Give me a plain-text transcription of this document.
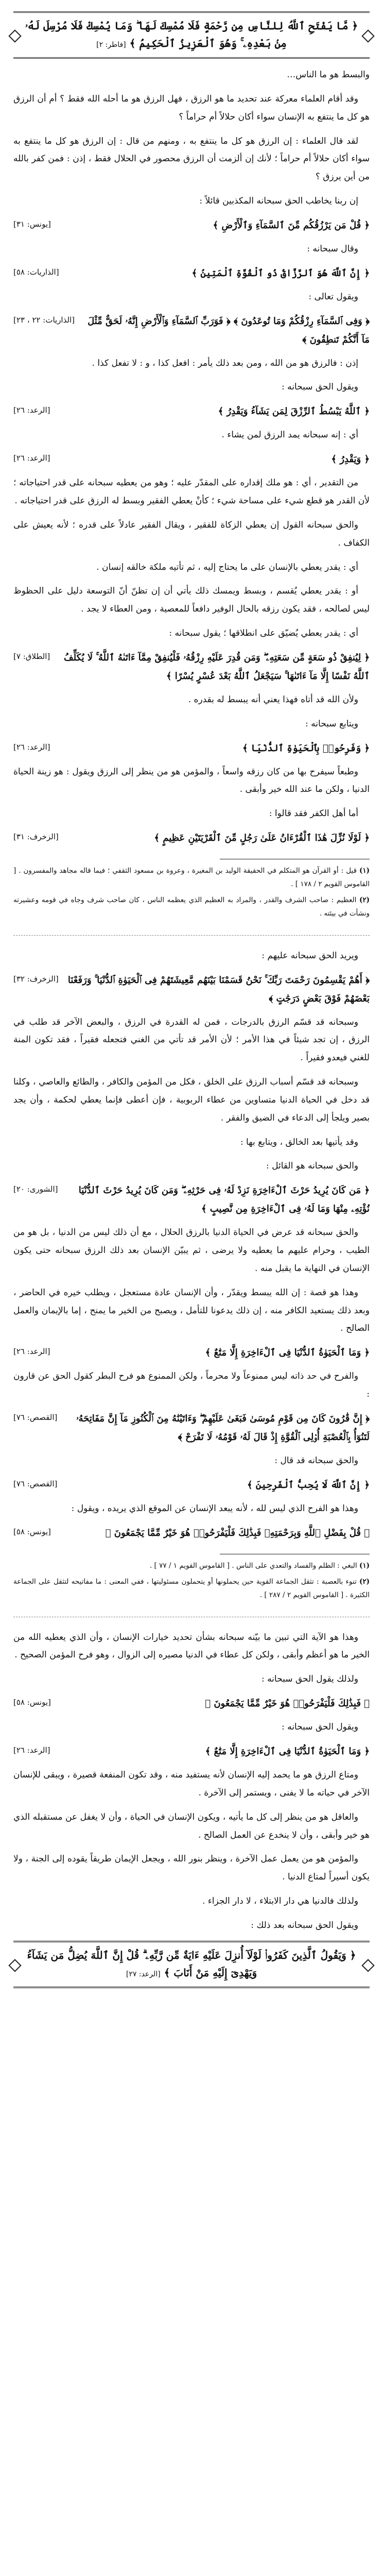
﴿ مَّا يَفْتَحِ ٱللَّهُ لِلنَّاسِ مِن رَّحْمَةٍ فَلَا مُمْسِكَ لَهَا ۖ وَمَا يُمْسِكْ فَلَا مُرْسِلَ لَهُۥ مِنۢ بَعْدِهِۦ ۚ وَهُوَ ٱلْعَزِيزُ ٱلْحَكِيمُ ﴾ [فاطر: ٢]

والبسط هو ما الناس…

وقد أقام العلماء معركة عند تحديد ما هو الرزق ، فهل الرزق هو ما أحله الله فقط ؟ أم أن الرزق هو كل ما ينتفع به الإنسان سواء أكان حلالاً أم حراماً ؟

لقد قال العلماء : إن الرزق هو كل ما ينتفع به ، ومنهم من قال : إن الرزق هو كل ما ينتفع به سواء أكان حلالاً أم حراماً ؛ لأنك إن ألزمت أن الرزق محصور في الحلال فقط ، إذن : فمن كفر بالله من أين يرزق ؟

إن ربنا يخاطب الحق سبحانه المكذبين قائلاً :

[يونس: ٣١]	﴿ قُلْ مَن يَرْزُقُكُم مِّنَ ٱلسَّمَآءِ وَٱلْأَرْضِ ﴾

وقال سبحانه :

[الذاريات: ٥٨]	﴿ إِنَّ ٱللَّهَ هُوَ ٱلرَّزَّاقُ ذُو ٱلْقُوَّةِ ٱلْمَتِينُ ﴾

ويقول تعالى :

[الذاريات: ٢٢ ، ٢٣] ﴿ وَفِى ٱلسَّمَآءِ رِزْقُكُمْ وَمَا تُوعَدُونَ ﴾ ﴿ فَوَرَبِّ ٱلسَّمَآءِ وَٱلْأَرْضِ إِنَّهُۥ لَحَقٌّ مِّثْلَ مَآ أَنَّكُمْ تَنطِقُونَ ﴾

إذن : فالرزق هو من الله ، ومن بعد ذلك يأمر : افعل كذا ، و : لا تفعل كذا .

ويقول الحق سبحانه :

[الرعد: ٢٦]	﴿ ٱللَّهُ يَبْسُطُ ٱلرِّزْقَ لِمَن يَشَآءُ وَيَقْدِرُ ﴾

أي : إنه سبحانه يمد الرزق لمن يشاء .

[الرعد: ٢٦]	﴿ وَيَقْدِرُ ﴾

من التقدير ، أي : هو ملك إقداره على المقدّر عليه ؛ وهو من يعطيه سبحانه على قدر احتياجاته ؛ لأن القدر هو قطع شيء على مساحة شيء ؛ كأنْ يعطي الفقير وبسط له الرزق على قدر احتياجاته .

والحق سبحانه القول إن يعطي الزكاة للفقير ، ويقال الفقير عادلاً على قدره ؛ لأنه يعيش على الكفاف .

أي : يقدر يعطي بالإنسان على ما يحتاج إليه ، ثم تأتيه ملكة خالقه إنسان .

أو : يقدر يعطي يُقسم ، وبسط ويمسك ذلك يأتي أن إن تظنّ أنّ التوسعة دليل على الحظوظ ليس لصالحه ، فقد يكون رزقه بالحال الوفير دافعاً للمعصية ، ومن العطاء لا يجد .

أي : يقدر يعطي يُضيّق على انطلاقها ؛ يقول سبحانه :

[الطلاق: ٧] ﴿ لِيُنفِقْ ذُو سَعَةٍ مِّن سَعَتِهِۦ ۖ وَمَن قُدِرَ عَلَيْهِ رِزْقُهُۥ فَلْيُنفِقْ مِمَّآ ءَاتَىٰهُ ٱللَّهُ ۚ لَا يُكَلِّفُ ٱللَّهُ نَفْسًا إِلَّا مَآ ءَاتَىٰهَا ۚ سَيَجْعَلُ ٱللَّهُ بَعْدَ عُسْرٍ يُسْرًا ﴾

ولأن الله قد أتاه فهذا يعني أنه يبسط له بقدره .

ويتابع سبحانه :

[الرعد: ٢٦]	﴿ وَفَرِحُوا۟ بِٱلْحَيَوٰةِ ٱلدُّنْيَا ﴾

وطبعاً سيفرح بها من كان رزقه واسعاً ، والمؤمن هو من ينظر إلى الرزق ويقول : هو زينة الحياة الدنيا ، ولكن ما عند الله خير وأبقى .

أما أهل الكفر فقد قالوا :

[الزخرف: ٣١]	﴿ لَوْلَا نُزِّلَ هَٰذَا ٱلْقُرْءَانُ عَلَىٰ رَجُلٍ مِّنَ ٱلْقَرْيَتَيْنِ عَظِيمٍ ﴾
(١) قيل : أو القرآن هو المتكلم في الحقيقة الوليد بن المغيرة ، وعروة بن مسعود الثقفي ؛ فيما قاله مجاهد والمفسرون . [ القاموس القويم ٢ / ١٧٨ ] .
(٢) العظيم : صاحب الشرف والقدر ، والمراد به العظيم الذي يعظمه الناس ، كان صاحب شرف وجاه في قومه وعشيرته ونشأت في بيئته .

ويريد الحق سبحانه عليهم :

[الزخرف: ٣٢] ﴿ أَهُمْ يَقْسِمُونَ رَحْمَتَ رَبِّكَ ۚ نَحْنُ قَسَمْنَا بَيْنَهُم مَّعِيشَتَهُمْ فِى ٱلْحَيَوٰةِ ٱلدُّنْيَا ۚ وَرَفَعْنَا بَعْضَهُمْ فَوْقَ بَعْضٍ دَرَجَٰتٍ ﴾

وسبحانه قد قسّم الرزق بالدرجات ، فمن له القدرة في الرزق ، والبعض الآخر قد طلب في الرزق ، إن تجد شيئاً في هذا الأمر ؛ لأن الأمر قد تأتي من الغني فتجعله فقيراً ، فقد تكون المنة للغني فيعدو فقيراً .

وسبحانه قد قسّم أسباب الرزق على الخلق ، فكل من المؤمن والكافر ، والطائع والعاصي ، وكلنا قد دخل في الحياة الدنيا متساوين من عطاء الربوبية ، فإن أعطى فإنما يعطي لحكمة ، وأن يجد بصير ويلجأ إلى الدعاء في الضيق والفقر .

وقد يأتيها بعد الخالق ، ويتابع بها :

والحق سبحانه هو القائل :

[الشورى: ٢٠] ﴿ مَن كَانَ يُرِيدُ حَرْثَ ٱلْءَاخِرَةِ نَزِدْ لَهُۥ فِى حَرْثِهِۦ ۖ وَمَن كَانَ يُرِيدُ حَرْثَ ٱلدُّنْيَا نُؤْتِهِۦ مِنْهَا وَمَا لَهُۥ فِى ٱلْءَاخِرَةِ مِن نَّصِيبٍ ﴾

والحق سبحانه قد عرض في الحياة الدنيا بالرزق الحلال ، مع أن ذلك ليس من الدنيا ، بل هو من الطيب ، وحرام عليهم ما يعطيه ولا يرضى ، ثم يبيّن الإنسان بعد ذلك الرزق سبحانه حتى يكون الإنسان في النهاية ما يقبل منه .

وهذا هو قصة : إن الله يبسط ويقدّر ، وأن الإنسان عادة مستعجل ، ويطلب خيره في الحاضر ، وبعد ذلك يستعيد الكافر منه ، إن ذلك يدعونا للتأمل ، ويصبح من الخير ما يمنح ، إما بالإيمان والعمل الصالح .

[الرعد: ٢٦]	﴿ وَمَا ٱلْحَيَوٰةُ ٱلدُّنْيَا فِى ٱلْءَاخِرَةِ إِلَّا مَتَٰعٌ ﴾

والفرح في حد ذاته ليس ممنوعاً ولا محرماً ، ولكن الممنوع هو فرح البطر كقول الحق عن قارون :

[القصص: ٧٦] ﴿ إِنَّ قَٰرُونَ كَانَ مِن قَوْمِ مُوسَىٰ فَبَغَىٰ عَلَيْهِمْ ۖ وَءَاتَيْنَٰهُ مِنَ ٱلْكُنُوزِ مَآ إِنَّ مَفَاتِحَهُۥ لَتَنُوٓأُ بِٱلْعُصْبَةِ أُو۟لِى ٱلْقُوَّةِ إِذْ قَالَ لَهُۥ قَوْمُهُۥ لَا تَفْرَحْ ﴾

والحق سبحانه قد قال :

[القصص: ٧٦]	﴿ إِنَّ ٱللَّهَ لَا يُحِبُّ ٱلْفَرِحِينَ ﴾

وهذا هو الفرح الذي ليس لله ، لأنه يبعد الإنسان عن الموقع الذي يريده ، ويقول :

[يونس: ٥٨]	﴿ قُلْ بِفَضْلِ ٱللَّهِ وَبِرَحْمَتِهِۦ فَبِذَٰلِكَ فَلْيَفْرَحُوا۟ هُوَ خَيْرٌ مِّمَّا يَجْمَعُونَ ﴾
(١) البغي : الظلم والفساد والتعدي على الناس . [ القاموس القويم ١ / ٧٧ ] .
(٢) تنوء بالعصبة : تثقل الجماعة القوية حين يحملونها أو يتحملون مسئوليتها ، ففي المعنى : ما مفاتيحه لتثقل على الجماعة الكثيرة . [ القاموس القويم ٢ / ٢٨٧ ] .

وهذا هو الآية التي تبين ما بيّنه سبحانه بشأن تحديد خيارات الإنسان ، وأن الذي يعطيه الله من الخير ما هو أعظم وأبقى ، ولكن كل عطاء في الدنيا مصيره إلى الزوال ، وهو فرح المؤمن الصحيح .

ولذلك يقول الحق سبحانه :

[يونس: ٥٨]	﴿ فَبِذَٰلِكَ فَلْيَفْرَحُوا۟ هُوَ خَيْرٌ مِّمَّا يَجْمَعُونَ ﴾

ويقول الحق سبحانه :

[الرعد: ٢٦]	﴿ وَمَا ٱلْحَيَوٰةُ ٱلدُّنْيَا فِى ٱلْءَاخِرَةِ إِلَّا مَتَٰعٌ ﴾

ومتاع الرزق هو ما يحمد إليه الإنسان لأنه يستفيد منه ، وقد تكون المنفعة قصيرة ، ويبقى للإنسان الآخر في حياته ما لا يفنى ، ويستمر إلى الآخرة .

والعاقل هو من ينظر إلى كل ما يأتيه ، ويكون الإنسان في الحياة ، وأن لا يغفل عن مستقبله الذي هو خير وأبقى ، وأن لا ينخدع عن العمل الصالح .

والمؤمن هو من يعمل عمل الآخرة ، وينظر بنور الله ، ويجعل الإيمان طريقاً يقوده إلى الجنة ، ولا يكون أسيراً لمتاع الدنيا .

ولذلك فالدنيا هي دار الابتلاء ، لا دار الجزاء .

ويقول الحق سبحانه بعد ذلك :

﴿ وَيَقُولُ ٱلَّذِينَ كَفَرُوا۟ لَوْلَآ أُنزِلَ عَلَيْهِ ءَايَةٌ مِّن رَّبِّهِۦ ۗ قُلْ إِنَّ ٱللَّهَ يُضِلُّ مَن يَشَآءُ وَيَهْدِىٓ إِلَيْهِ مَنْ أَنَابَ ﴾ [الرعد: ٢٧]
